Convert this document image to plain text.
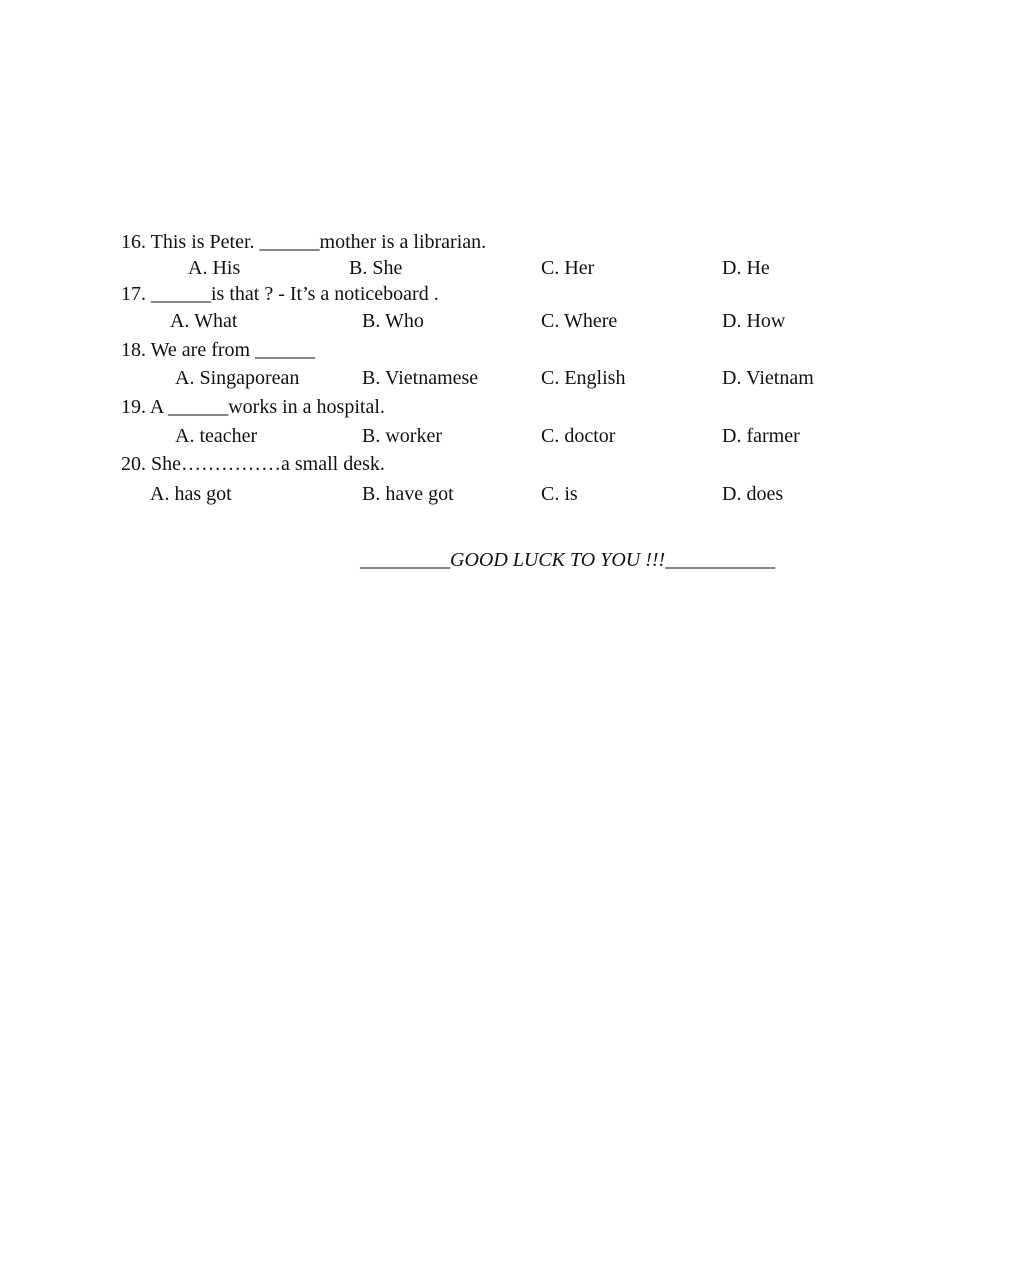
16. This is Peter. ______mother is a librarian.
A. His	B. She	C. Her	D. He
17. ______is that ? - It’s a noticeboard .
A. What	B. Who	C. Where	D. How
18. We are from ______
A. Singaporean	B. Vietnamese	C. English	D. Vietnam
19. A ______works in a hospital.
A. teacher	B. worker	C. doctor	D. farmer
20. She……………a small desk.
A. has got	B. have got	C. is	D. does
_________GOOD LUCK TO YOU !!!___________
